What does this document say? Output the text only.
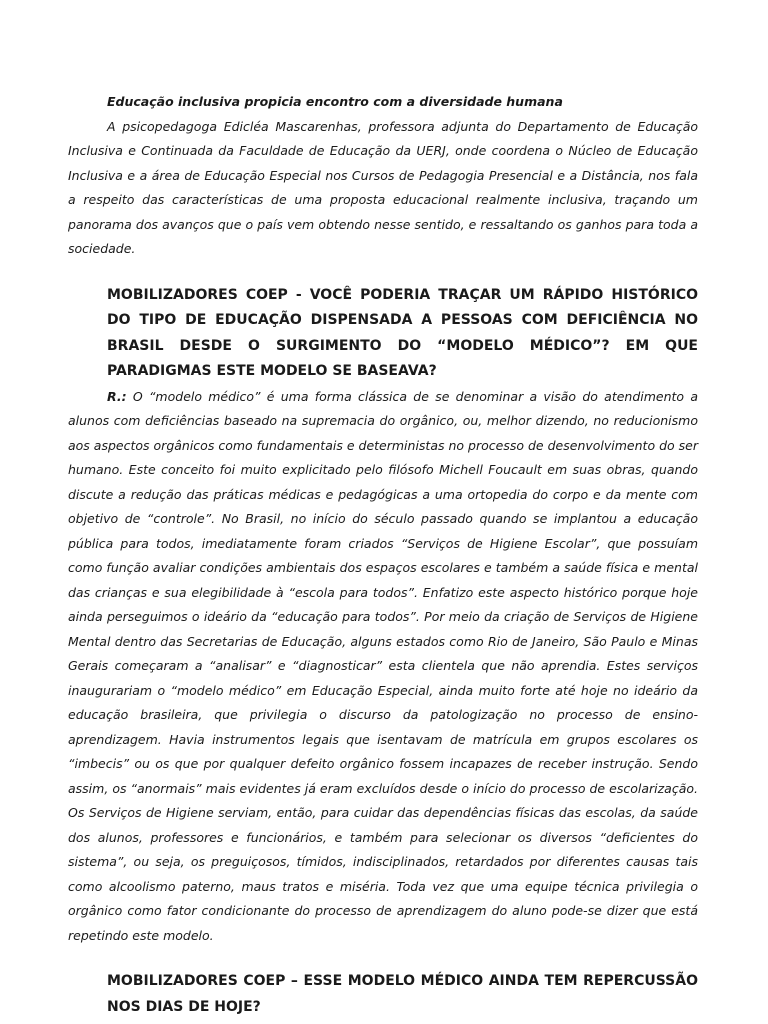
Educação inclusiva propicia encontro com a diversidade humana

A psicopedagoga Edicléa Mascarenhas, professora adjunta do Departamento de Educação Inclusiva e Continuada da Faculdade de Educação da UERJ, onde coordena o Núcleo de Educação Inclusiva e a área de Educação Especial nos Cursos de Pedagogia Presencial e a Distância, nos fala a respeito das características de uma proposta educacional realmente inclusiva, traçando um panorama dos avanços que o país vem obtendo nesse sentido, e ressaltando os ganhos para toda a sociedade.

MOBILIZADORES COEP - VOCÊ PODERIA TRAÇAR UM RÁPIDO HISTÓRICO DO TIPO DE EDUCAÇÃO DISPENSADA A PESSOAS COM DEFICIÊNCIA NO BRASIL DESDE O SURGIMENTO DO “MODELO MÉDICO”? EM QUE PARADIGMAS ESTE MODELO SE BASEAVA?

R.: O “modelo médico” é uma forma clássica de se denominar a visão do atendimento a alunos com deficiências baseado na supremacia do orgânico, ou, melhor dizendo, no reducionismo aos aspectos orgânicos como fundamentais e deterministas no processo de desenvolvimento do ser humano. Este conceito foi muito explicitado pelo filósofo Michell Foucault em suas obras, quando discute a redução das práticas médicas e pedagógicas a uma ortopedia do corpo e da mente com objetivo de “controle”. No Brasil, no início do século passado quando se implantou a educação pública para todos, imediatamente foram criados “Serviços de Higiene Escolar”, que possuíam como função avaliar condições ambientais dos espaços escolares e também a saúde física e mental das crianças e sua elegibilidade à “escola para todos”. Enfatizo este aspecto histórico porque hoje ainda perseguimos o ideário da “educação para todos”. Por meio da criação de Serviços de Higiene Mental dentro das Secretarias de Educação, alguns estados como Rio de Janeiro, São Paulo e Minas Gerais começaram a “analisar” e “diagnosticar” esta clientela que não aprendia. Estes serviços inaugurariam o “modelo médico” em Educação Especial, ainda muito forte até hoje no ideário da educação brasileira, que privilegia o discurso da patologização no processo de ensino-aprendizagem. Havia instrumentos legais que isentavam de matrícula em grupos escolares os “imbecis” ou os que por qualquer defeito orgânico fossem incapazes de receber instrução. Sendo assim, os “anormais” mais evidentes já eram excluídos desde o início do processo de escolarização. Os Serviços de Higiene serviam, então, para cuidar das dependências físicas das escolas, da saúde dos alunos, professores e funcionários, e também para selecionar os diversos “deficientes do sistema”, ou seja, os preguiçosos, tímidos, indisciplinados, retardados por diferentes causas tais como alcoolismo paterno, maus tratos e miséria. Toda vez que uma equipe técnica privilegia o orgânico como fator condicionante do processo de aprendizagem do aluno pode-se dizer que está repetindo este modelo.

MOBILIZADORES COEP – ESSE MODELO MÉDICO AINDA TEM REPERCUSSÃO NOS DIAS DE HOJE?
